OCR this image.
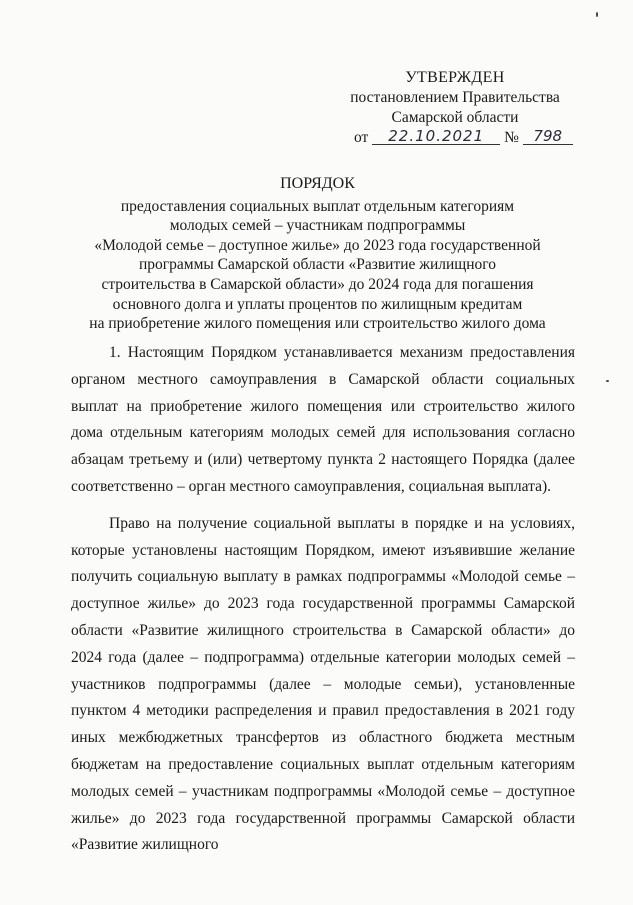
УТВЕРЖДЕН
постановлением Правительства
Самарской области
от 22.10.2021 № 798
ПОРЯДОК
предоставления социальных выплат отдельным категориям
молодых семей – участникам подпрограммы
«Молодой семье – доступное жилье» до 2023 года государственной
программы Самарской области «Развитие жилищного
строительства в Самарской области» до 2024 года для погашения
основного долга и уплаты процентов по жилищным кредитам
на приобретение жилого помещения или строительство жилого дома

1. Настоящим Порядком устанавливается механизм предоставления органом местного самоуправления в Самарской области социальных выплат на приобретение жилого помещения или строительство жилого дома отдельным категориям молодых семей для использования согласно абзацам третьему и (или) четвертому пункта 2 настоящего Порядка (далее соответственно – орган местного самоуправления, социальная выплата).

Право на получение социальной выплаты в порядке и на условиях, которые установлены настоящим Порядком, имеют изъявившие желание получить социальную выплату в рамках подпрограммы «Молодой семье – доступное жилье» до 2023 года государственной программы Самарской области «Развитие жилищного строительства в Самарской области» до 2024 года (далее – подпрограмма) отдельные категории молодых семей – участников подпрограммы (далее – молодые семьи), установленные пунктом 4 методики распределения и правил предоставления в 2021 году иных межбюджетных трансфертов из областного бюджета местным бюджетам на предоставление социальных выплат отдельным категориям молодых семей – участникам подпрограммы «Молодой семье – доступное жилье» до 2023 года государственной программы Самарской области «Развитие жилищного
